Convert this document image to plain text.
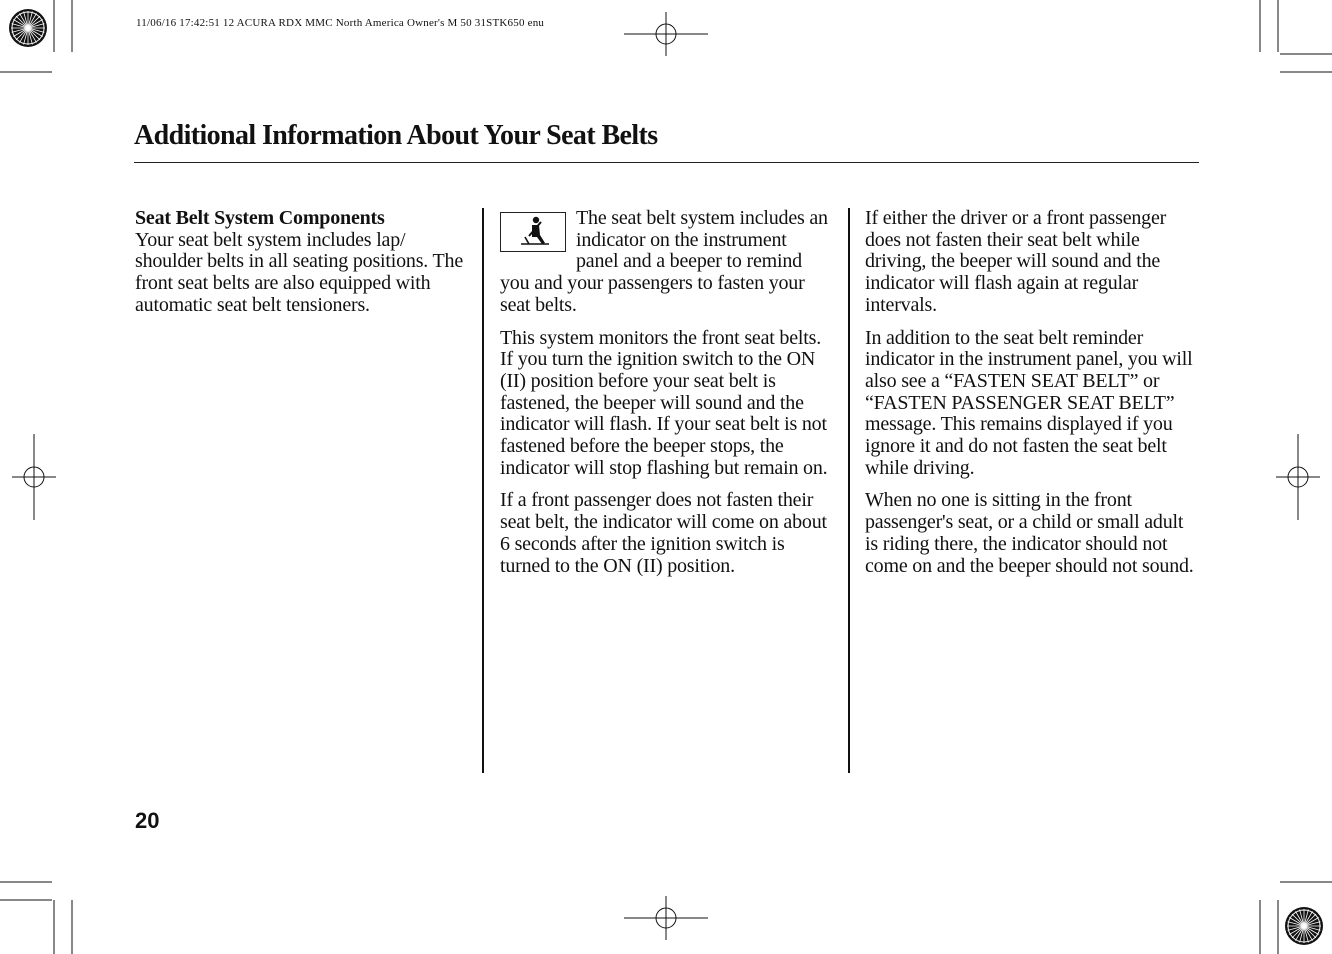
11/06/16 17:42:51 12 ACURA RDX MMC North America Owner's M 50 31STK650 enu
Additional Information About Your Seat Belts

Seat Belt System Components
Your seat belt system includes lap/ shoulder belts in all seating positions. The front seat belts are also equipped with automatic seat belt tensioners.

The seat belt system includes an indicator on the instrument panel and a beeper to remind you and your passengers to fasten your seat belts.

This system monitors the front seat belts. If you turn the ignition switch to the ON (II) position before your seat belt is fastened, the beeper will sound and the indicator will flash. If your seat belt is not fastened before the beeper stops, the indicator will stop flashing but remain on.

If a front passenger does not fasten their seat belt, the indicator will come on about 6 seconds after the ignition switch is turned to the ON (II) position.

If either the driver or a front passenger does not fasten their seat belt while driving, the beeper will sound and the indicator will flash again at regular intervals.

In addition to the seat belt reminder indicator in the instrument panel, you will also see a “FASTEN SEAT BELT” or “FASTEN PASSENGER SEAT BELT” message. This remains displayed if you ignore it and do not fasten the seat belt while driving.

When no one is sitting in the front passenger's seat, or a child or small adult is riding there, the indicator should not come on and the beeper should not sound.

20
